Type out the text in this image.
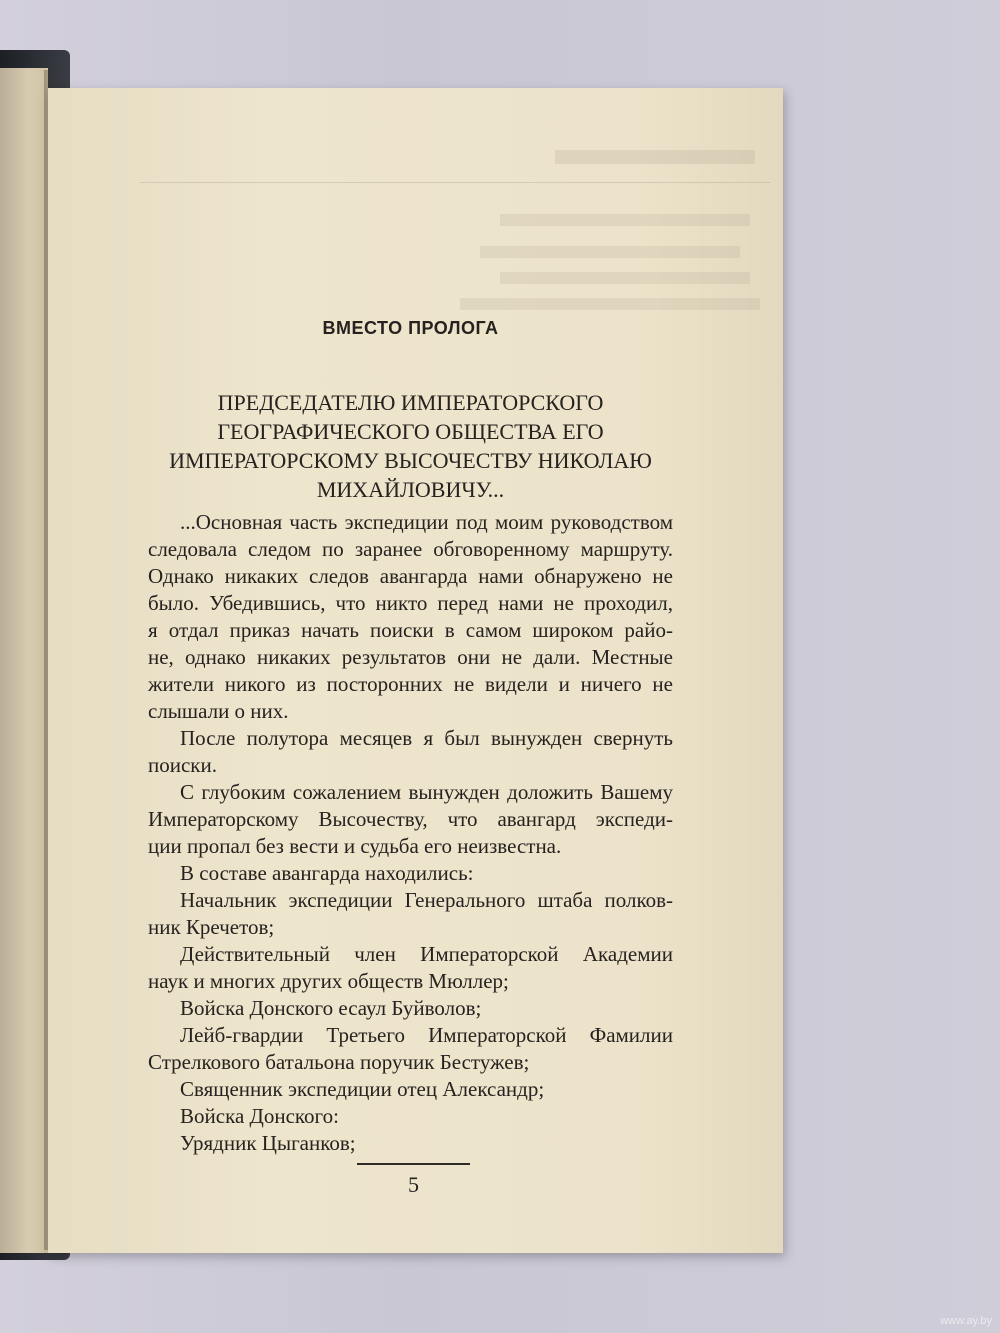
ВМЕСТО ПРОЛОГА
ПРЕДСЕДАТЕЛЮ ИМПЕРАТОРСКОГО
ГЕОГРАФИЧЕСКОГО ОБЩЕСТВА ЕГО
ИМПЕРАТОРСКОМУ ВЫСОЧЕСТВУ НИКОЛАЮ
МИХАЙЛОВИЧУ...
...Основная часть экспедиции под моим руководством
следовала следом по заранее обговоренному маршруту.
Однако никаких следов авангарда нами обнаружено не
было. Убедившись, что никто перед нами не проходил,
я отдал приказ начать поиски в самом широком райо-
не, однако никаких результатов они не дали. Местные
жители никого из посторонних не видели и ничего не
слышали о них.
После полутора месяцев я был вынужден свернуть
поиски.
С глубоким сожалением вынужден доложить Вашему
Императорскому Высочеству, что авангард экспеди-
ции пропал без вести и судьба его неизвестна.
В составе авангарда находились:
Начальник экспедиции Генерального штаба полков-
ник Кречетов;
Действительный член Императорской Академии
наук и многих других обществ Мюллер;
Войска Донского есаул Буйволов;
Лейб-гвардии Третьего Императорской Фамилии
Стрелкового батальона поручик Бестужев;
Священник экспедиции отец Александр;
Войска Донского:
Урядник Цыганков;
5
www.ay.by
